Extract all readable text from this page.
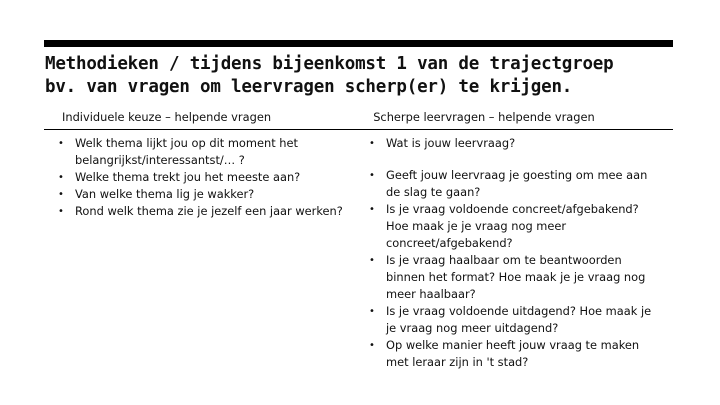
Methodieken / tijdens bijeenkomst 1 van de trajectgroep
bv. van vragen om leervragen scherp(er) te krijgen.
Individuele keuze – helpende vragen	Scherpe leervragen – helpende vragen
• Welk thema lijkt jou op dit moment het
belangrijkst/interessantst/… ?
• Welke thema trekt jou het meeste aan?
• Van welke thema lig je wakker?
• Rond welk thema zie je jezelf een jaar werken?
• Wat is jouw leervraag?
• Geeft jouw leervraag je goesting om mee aan
de slag te gaan?
• Is je vraag voldoende concreet/afgebakend?
Hoe maak je je vraag nog meer
concreet/afgebakend?
• Is je vraag haalbaar om te beantwoorden
binnen het format? Hoe maak je je vraag nog
meer haalbaar?
• Is je vraag voldoende uitdagend? Hoe maak je
je vraag nog meer uitdagend?
• Op welke manier heeft jouw vraag te maken
met leraar zijn in 't stad?
